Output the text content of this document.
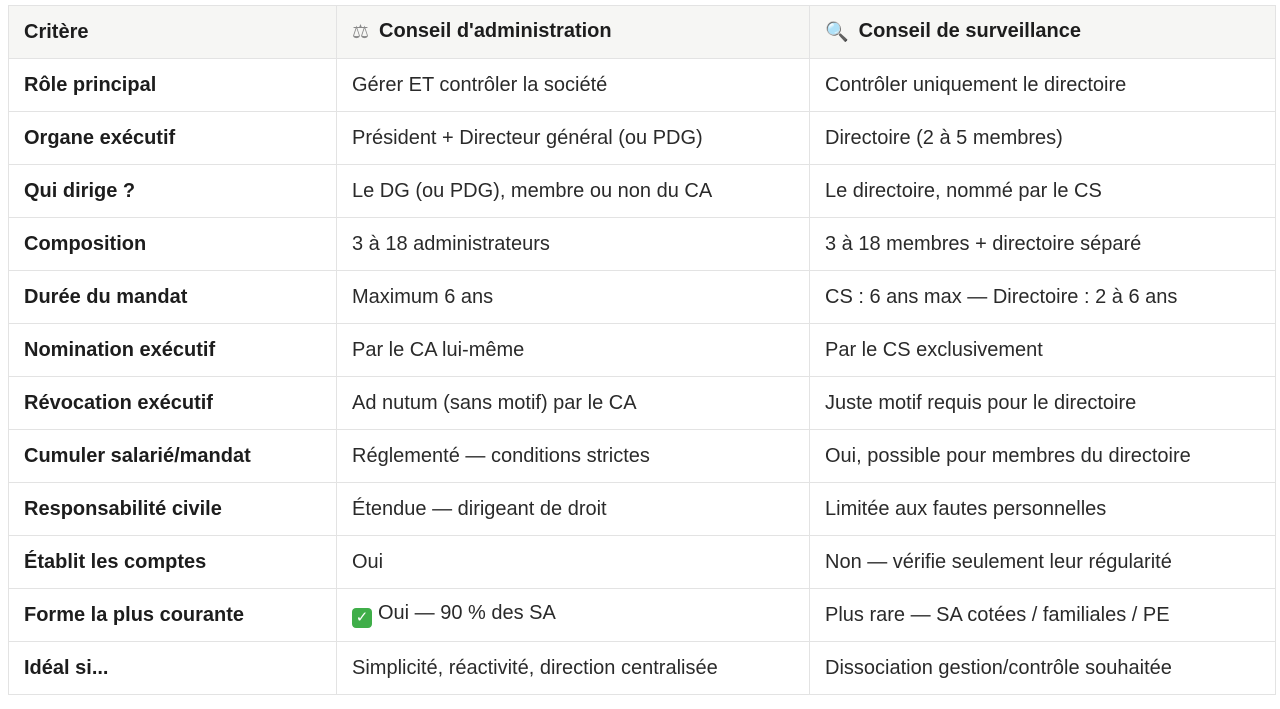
Critère	⚖ Conseil d'administration	🔍 Conseil de surveillance
Rôle principal	Gérer ET contrôler la société	Contrôler uniquement le directoire
Organe exécutif	Président + Directeur général (ou PDG)	Directoire (2 à 5 membres)
Qui dirige ?	Le DG (ou PDG), membre ou non du CA	Le directoire, nommé par le CS
Composition	3 à 18 administrateurs	3 à 18 membres + directoire séparé
Durée du mandat	Maximum 6 ans	CS : 6 ans max — Directoire : 2 à 6 ans
Nomination exécutif	Par le CA lui-même	Par le CS exclusivement
Révocation exécutif	Ad nutum (sans motif) par le CA	Juste motif requis pour le directoire
Cumuler salarié/mandat	Réglementé — conditions strictes	Oui, possible pour membres du directoire
Responsabilité civile	Étendue — dirigeant de droit	Limitée aux fautes personnelles
Établit les comptes	Oui	Non — vérifie seulement leur régularité
Forme la plus courante	✓ Oui — 90 % des SA	Plus rare — SA cotées / familiales / PE
Idéal si...	Simplicité, réactivité, direction centralisée	Dissociation gestion/contrôle souhaitée
